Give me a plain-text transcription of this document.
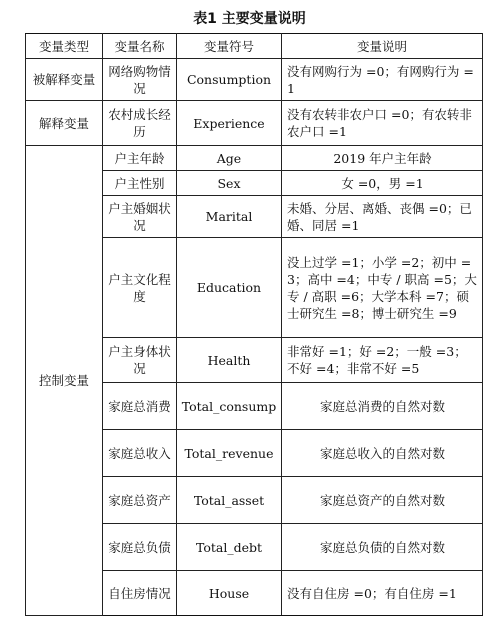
表1 主要变量说明
变量类型	变量名称	变量符号	变量说明
被解释变量	网络购物情况	Consumption	没有网购行为 =0；有网购行为 =1
解释变量	农村成长经历	Experience	没有农转非农户口 =0；有农转非农户口 =1
控制变量	户主年龄	Age	2019 年户主年龄
	户主性别	Sex	女 =0，男 =1
	户主婚姻状况	Marital	未婚、分居、离婚、丧偶 =0；已婚、同居 =1
	户主文化程度	Education	没上过学 =1；小学 =2；初中 =3；高中 =4；中专 / 职高 =5；大专 / 高职 =6；大学本科 =7；硕士研究生 =8；博士研究生 =9
	户主身体状况	Health	非常好 =1；好 =2；一般 =3；不好 =4；非常不好 =5
	家庭总消费	Total_consump	家庭总消费的自然对数
	家庭总收入	Total_revenue	家庭总收入的自然对数
	家庭总资产	Total_asset	家庭总资产的自然对数
	家庭总负债	Total_debt	家庭总负债的自然对数
	自住房情况	House	没有自住房 =0；有自住房 =1
